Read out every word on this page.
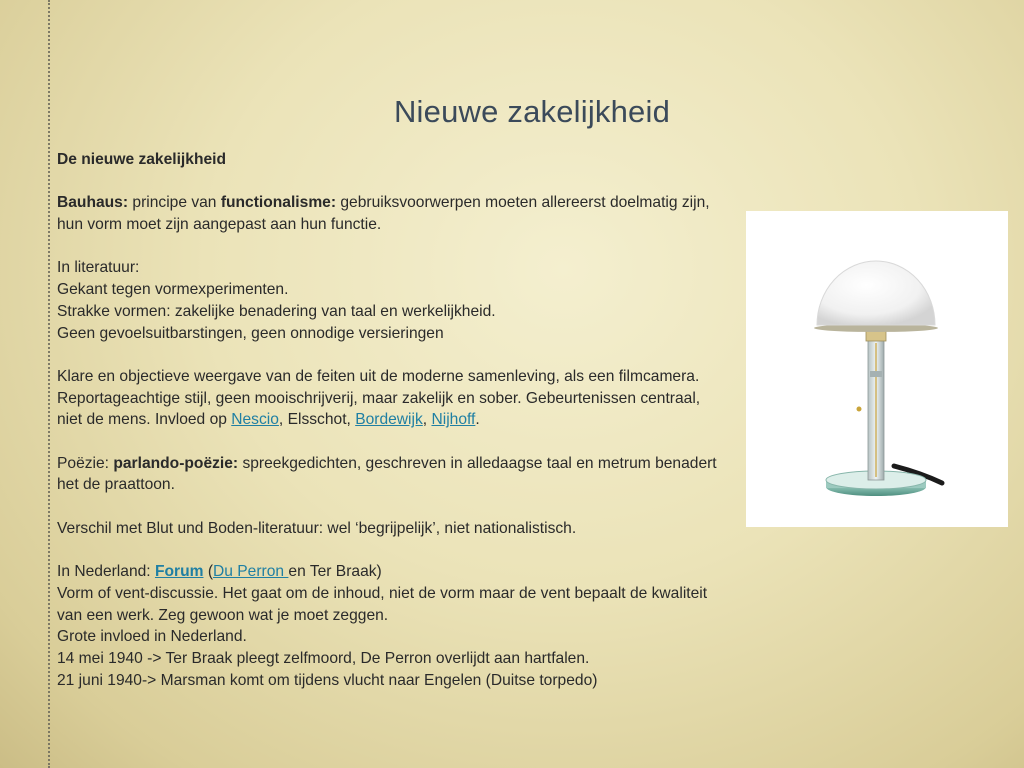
Nieuwe zakelijkheid

De nieuwe zakelijkheid

Bauhaus: principe van functionalisme: gebruiksvoorwerpen moeten allereerst doelmatig zijn, hun vorm moet zijn aangepast aan hun functie.

In literatuur:

Gekant tegen vormexperimenten.

Strakke vormen: zakelijke benadering van taal en werkelijkheid.

Geen gevoelsuitbarstingen, geen onnodige versieringen

Klare en objectieve weergave van de feiten uit de moderne samenleving, als een filmcamera. Reportageachtige stijl, geen mooischrijverij, maar zakelijk en sober. Gebeurtenissen centraal, niet de mens. Invloed op Nescio, Elsschot, Bordewijk, Nijhoff.

Poëzie: parlando-poëzie: spreekgedichten, geschreven in alledaagse taal en metrum benadert het de praattoon.

Verschil met Blut und Boden-literatuur: wel ‘begrijpelijk’, niet nationalistisch.

In Nederland: Forum (Du Perron en Ter Braak)

Vorm of vent-discussie. Het gaat om de inhoud, niet de vorm maar de vent bepaalt de kwaliteit van een werk. Zeg gewoon wat je moet zeggen.

Grote invloed in Nederland.

14 mei 1940 -> Ter Braak pleegt zelfmoord, De Perron overlijdt aan hartfalen.

21 juni 1940-> Marsman komt om tijdens vlucht naar Engelen (Duitse torpedo)
